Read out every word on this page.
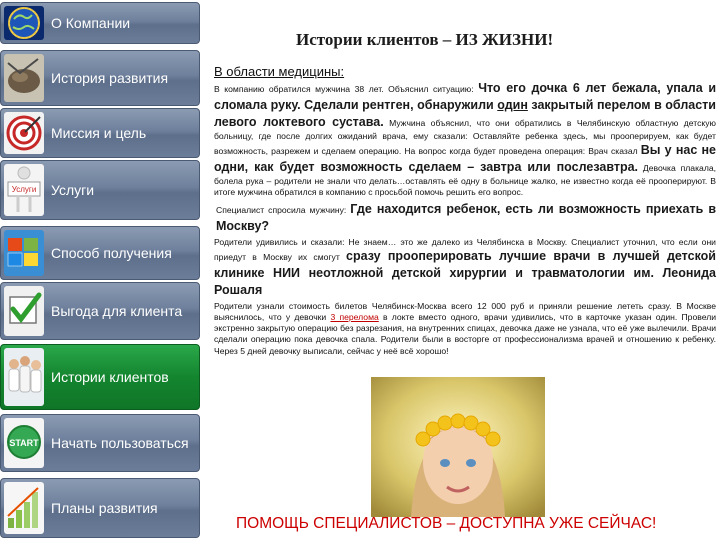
О Компании
История развития
Миссия и цель
Услуги Услуги
Способ получения
Выгода для клиента
Истории клиентов
START Начать пользоваться
Планы развития
Истории клиентов – ИЗ ЖИЗНИ!
В области медицины:

В компанию обратился мужчина 38 лет. Объяснил ситуацию: Что его дочка 6 лет бежала, упала и сломала руку. Сделали рентген, обнаружили один закрытый перелом в области левого локтевого сустава. Мужчина объяснил, что они обратились в Челябинскую областную детскую больницу, где после долгих ожиданий врача, ему сказали: Оставляйте ребенка здесь, мы прооперируем, как будет возможность, разрежем и сделаем операцию. На вопрос когда будет проведена операция: Врач сказал Вы у нас не одни, как будет возможность сделаем – завтра или послезавтра. Девочка плакала, болела рука – родители не знали что делать…оставлять её одну в больнице жалко, не известно когда её прооперируют. В итоге мужчина обратился в компанию с просьбой помочь решить его вопрос.

Специалист спросила мужчину: Где находится ребенок, есть ли возможность приехать в Москву?

Родители удивились и сказали: Не знаем… это же далеко из Челябинска в Москву. Специалист уточнил, что если они приедут в Москву их смогут сразу прооперировать лучшие врачи в лучшей детской клинике НИИ неотложной детской хирургии и травматологии им. Леонида Рошаля

Родители узнали стоимость билетов Челябинск-Москва всего 12 000 руб и приняли решение лететь сразу. В Москве выяснилось, что у девочки 3 перелома в локте вместо одного, врачи удивились, что в карточке указан один. Провели экстренно закрытую операцию без разрезания, на внутренних спицах, девочка даже не узнала, что её уже вылечили. Врачи сделали операцию пока девочка спала. Родители были в восторге от профессионализма врачей и отношению к ребенку. Через 5 дней девочку выписали, сейчас у неё всё хорошо!

ПОМОЩЬ СПЕЦИАЛИСТОВ – ДОСТУПНА УЖЕ СЕЙЧАС!
